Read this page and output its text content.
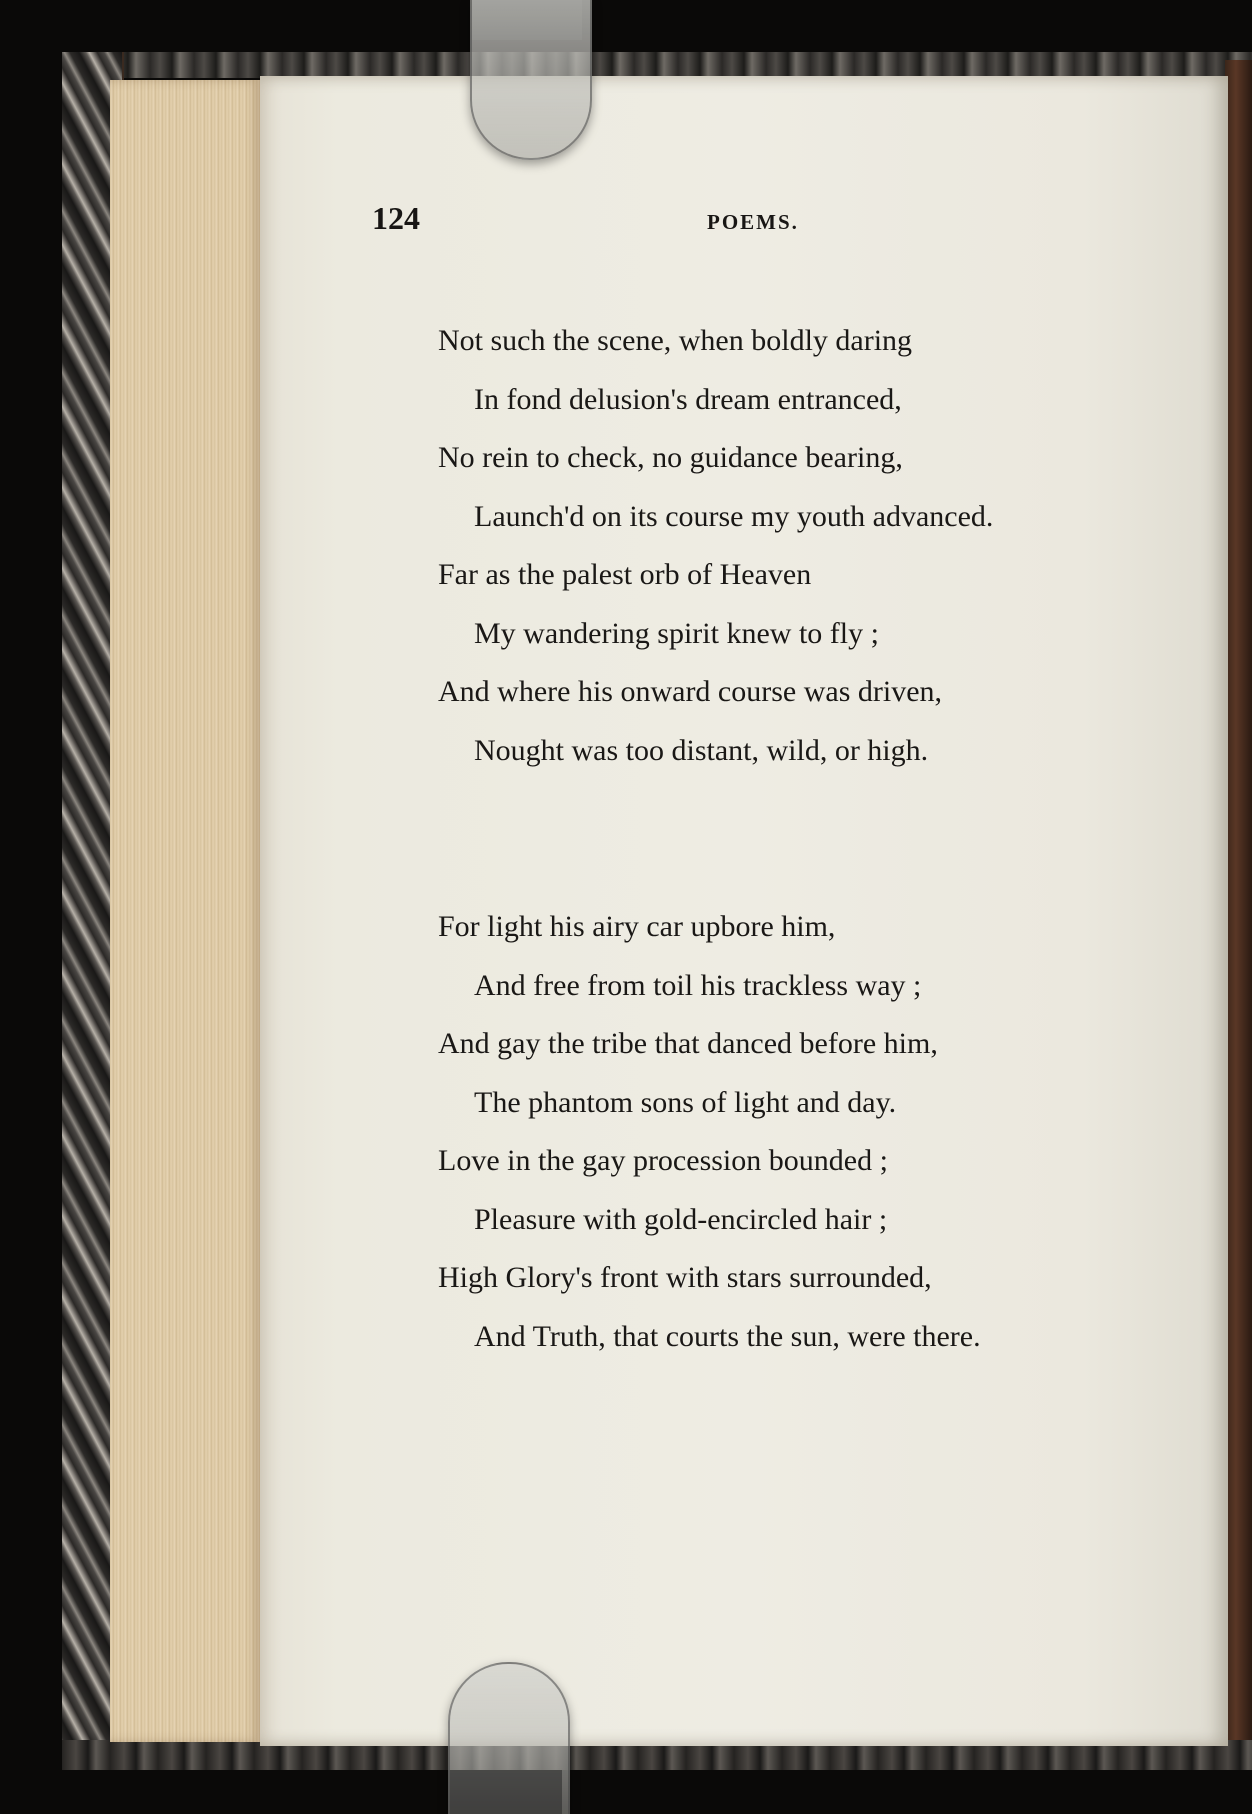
124	POEMS.
Not such the scene, when boldly daring
In fond delusion's dream entranced,
No rein to check, no guidance bearing,
Launch'd on its course my youth advanced.
Far as the palest orb of Heaven
My wandering spirit knew to fly ;
And where his onward course was driven,
Nought was too distant, wild, or high.
For light his airy car upbore him,
And free from toil his trackless way ;
And gay the tribe that danced before him,
The phantom sons of light and day.
Love in the gay procession bounded ;
Pleasure with gold-encircled hair ;
High Glory's front with stars surrounded,
And Truth, that courts the sun, were there.
